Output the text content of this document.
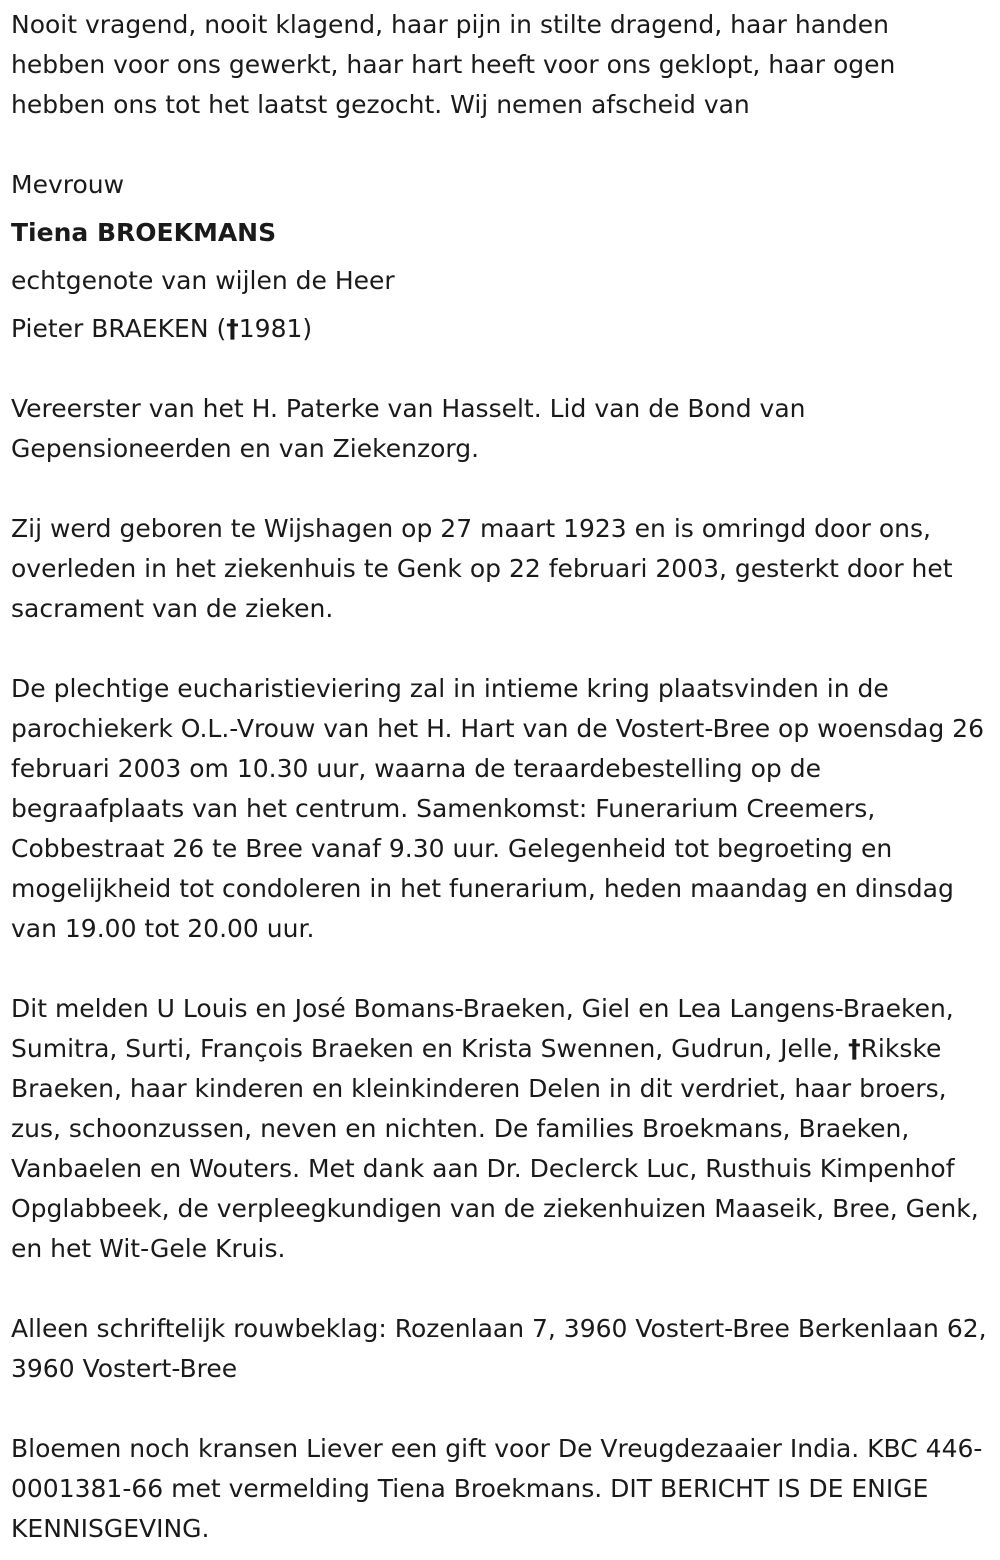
Nooit vragend, nooit klagend, haar pijn in stilte dragend, haar handen hebben voor ons gewerkt, haar hart heeft voor ons geklopt, haar ogen hebben ons tot het laatst gezocht. Wij nemen afscheid van

Mevrouw
Tiena BROEKMANS
echtgenote van wijlen de Heer
Pieter BRAEKEN (†1981)

Vereerster van het H. Paterke van Hasselt. Lid van de Bond van Gepensioneerden en van Ziekenzorg.

Zij werd geboren te Wijshagen op 27 maart 1923 en is omringd door ons, overleden in het ziekenhuis te Genk op 22 februari 2003, gesterkt door het sacrament van de zieken.

De plechtige eucharistieviering zal in intieme kring plaatsvinden in de parochiekerk O.L.-Vrouw van het H. Hart van de Vostert-Bree op woensdag 26 februari 2003 om 10.30 uur, waarna de teraardebestelling op de begraafplaats van het centrum. Samenkomst: Funerarium Creemers, Cobbestraat 26 te Bree vanaf 9.30 uur. Gelegenheid tot begroeting en mogelijkheid tot condoleren in het funerarium, heden maandag en dinsdag van 19.00 tot 20.00 uur.

Dit melden U Louis en José Bomans-Braeken, Giel en Lea Langens-Braeken, Sumitra, Surti, François Braeken en Krista Swennen, Gudrun, Jelle, †Rikske Braeken, haar kinderen en kleinkinderen Delen in dit verdriet, haar broers, zus, schoonzussen, neven en nichten. De families Broekmans, Braeken, Vanbaelen en Wouters. Met dank aan Dr. Declerck Luc, Rusthuis Kimpenhof Opglabbeek, de verpleegkundigen van de ziekenhuizen Maaseik, Bree, Genk, en het Wit-Gele Kruis.

Alleen schriftelijk rouwbeklag: Rozenlaan 7, 3960 Vostert-Bree Berkenlaan 62, 3960 Vostert-Bree

Bloemen noch kransen Liever een gift voor De Vreugdezaaier India. KBC 446-0001381-66 met vermelding Tiena Broekmans. DIT BERICHT IS DE ENIGE KENNISGEVING.
